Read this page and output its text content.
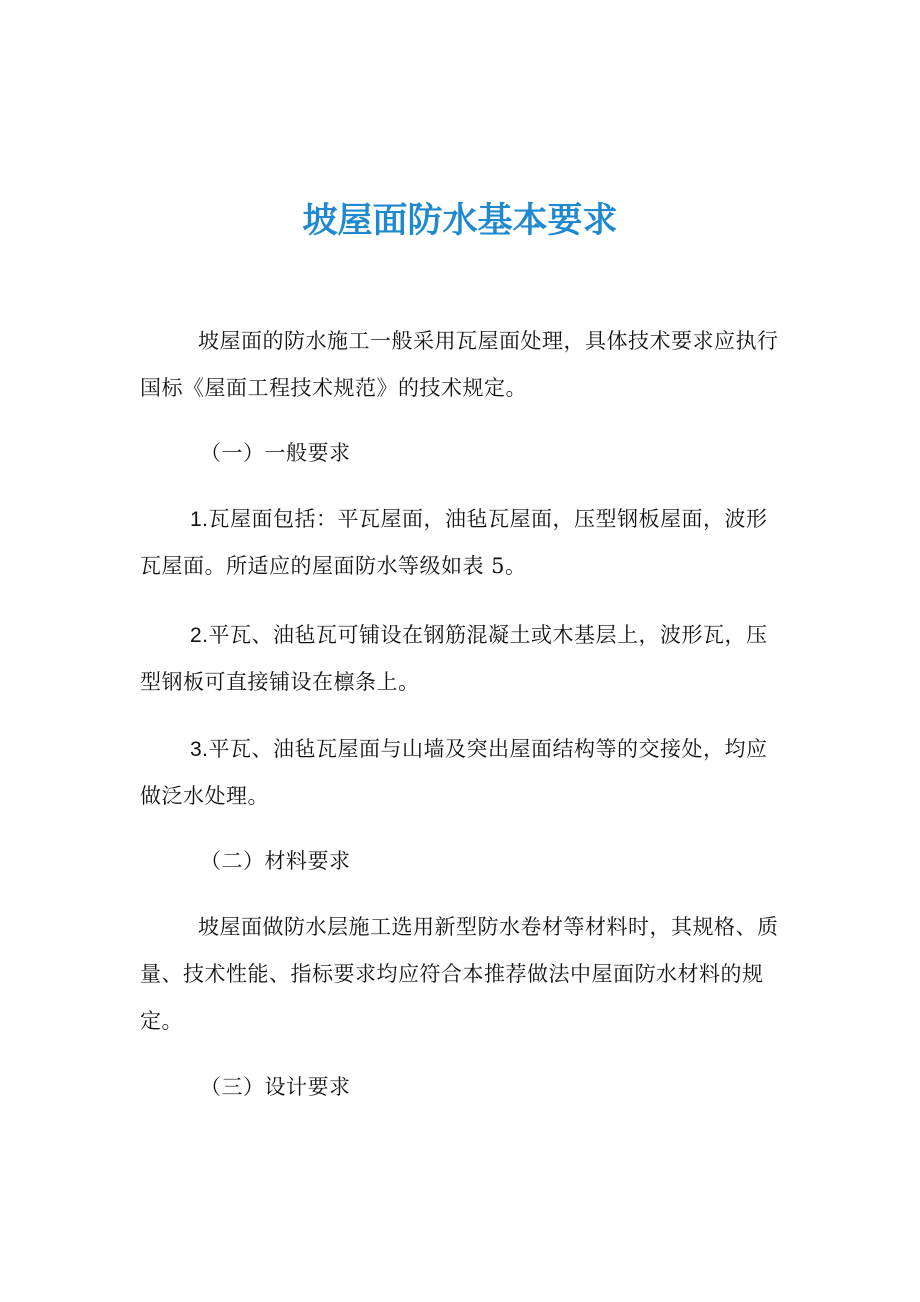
坡屋面防水基本要求

坡屋面的防水施工一般采用瓦屋面处理，具体技术要求应执行国标《屋面工程技术规范》的技术规定。

（一）一般要求

1.瓦屋面包括：平瓦屋面，油毡瓦屋面，压型钢板屋面，波形瓦屋面。所适应的屋面防水等级如表 5。

2.平瓦、油毡瓦可铺设在钢筋混凝土或木基层上，波形瓦，压型钢板可直接铺设在檩条上。

3.平瓦、油毡瓦屋面与山墙及突出屋面结构等的交接处，均应做泛水处理。

（二）材料要求

坡屋面做防水层施工选用新型防水卷材等材料时，其规格、质量、技术性能、指标要求均应符合本推荐做法中屋面防水材料的规定。

（三）设计要求
